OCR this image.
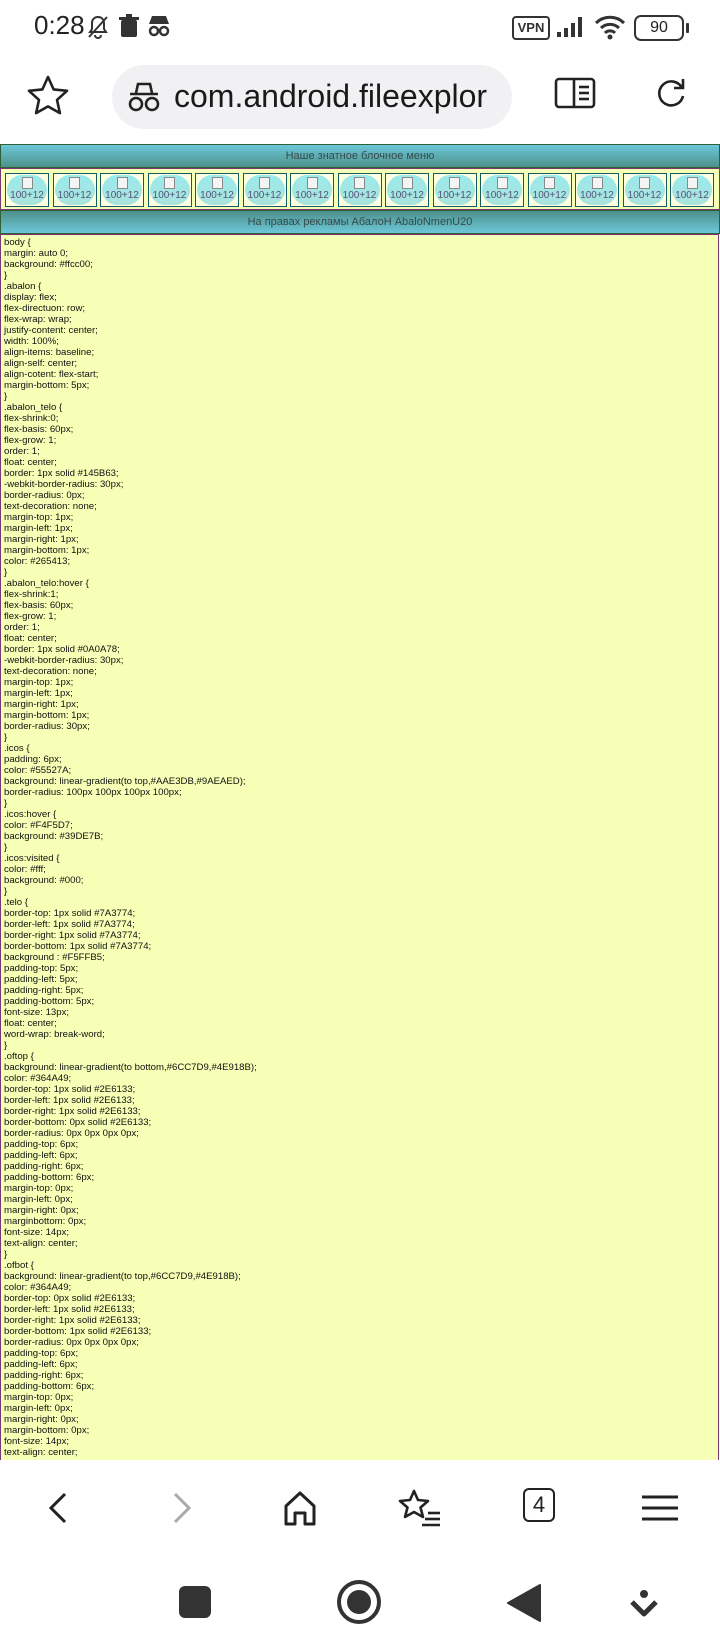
0:28	VPN	90
com.android.fileexplor
Наше знатное блочное меню
100+12	100+12	100+12	100+12	100+12	100+12	100+12	100+12	100+12	100+12	100+12	100+12	100+12	100+12	100+12
На правах рекламы АбалоН AbaloNmenU20
body {
margin: auto 0;
background: #ffcc00;
}
.abalon {
display: flex;
flex-directuon: row;
flex-wrap: wrap;
justify-content: center;
width: 100%;
align-items: baseline;
align-self: center;
align-cotent: flex-start;
margin-bottom: 5px;
}
.abalon_telo {
flex-shrink:0;
flex-basis: 60px;
flex-grow: 1;
order: 1;
float: center;
border: 1px solid #145B63;
-webkit-border-radius: 30px;
border-radius: 0px;
text-decoration: none;
margin-top: 1px;
margin-left: 1px;
margin-right: 1px;
margin-bottom: 1px;
color: #265413;
}
.abalon_telo:hover {
flex-shrink:1;
flex-basis: 60px;
flex-grow: 1;
order: 1;
float: center;
border: 1px solid #0A0A78;
-webkit-border-radius: 30px;
text-decoration: none;
margin-top: 1px;
margin-left: 1px;
margin-right: 1px;
margin-bottom: 1px;
border-radius: 30px;
}
.icos {
padding: 6px;
color: #55527A;
background: linear-gradient(to top,#AAE3DB,#9AEAED);
border-radius: 100px 100px 100px 100px;
}
.icos:hover {
color: #F4F5D7;
background: #39DE7B;
}
.icos:visited {
color: #fff;
background: #000;
}
.telo {
border-top: 1px solid #7A3774;
border-left: 1px solid #7A3774;
border-right: 1px solid #7A3774;
border-bottom: 1px solid #7A3774;
background : #F5FFB5;
padding-top: 5px;
padding-left: 5px;
padding-right: 5px;
padding-bottom: 5px;
font-size: 13px;
float: center;
word-wrap: break-word;
}
.oftop {
background: linear-gradient(to bottom,#6CC7D9,#4E918B);
color: #364A49;
border-top: 1px solid #2E6133;
border-left: 1px solid #2E6133;
border-right: 1px solid #2E6133;
border-bottom: 0px solid #2E6133;
border-radius: 0px 0px 0px 0px;
padding-top: 6px;
padding-left: 6px;
padding-right: 6px;
padding-bottom: 6px;
margin-top: 0px;
margin-left: 0px;
margin-right: 0px;
marginbottom: 0px;
font-size: 14px;
text-align: center;
}
.ofbot {
background: linear-gradient(to top,#6CC7D9,#4E918B);
color: #364A49;
border-top: 0px solid #2E6133;
border-left: 1px solid #2E6133;
border-right: 1px solid #2E6133;
border-bottom: 1px solid #2E6133;
border-radius: 0px 0px 0px 0px;
padding-top: 6px;
padding-left: 6px;
padding-right: 6px;
padding-bottom: 6px;
margin-top: 0px;
margin-left: 0px;
margin-right: 0px;
margin-bottom: 0px;
font-size: 14px;
text-align: center;
4
